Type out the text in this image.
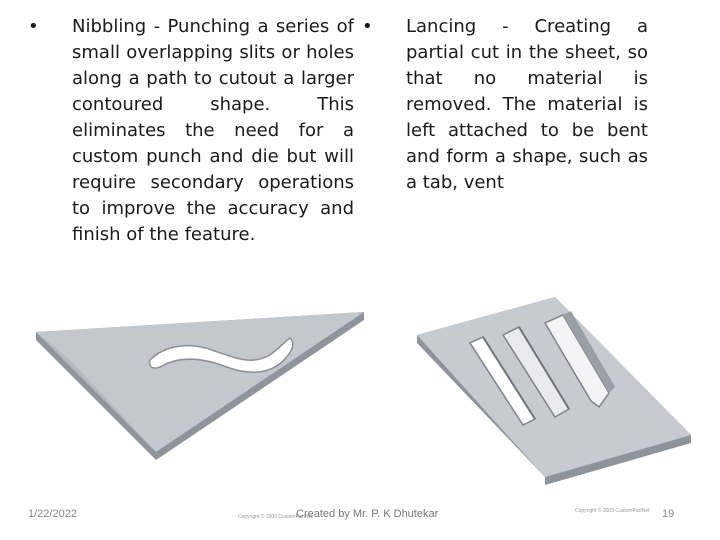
•	Nibbling - Punching a series of small overlapping slits or holes along a path to cutout a larger contoured shape. This eliminates the need for a custom punch and die but will require secondary operations to improve the accuracy and finish of the feature.
•	Lancing - Creating a partial cut in the sheet, so that no material is removed. The material is left attached to be bent and form a shape, such as a tab, vent
Copyright © 2009 CustomPartNet
Copyright © 2009 CustomPartNet
1/22/2022	Created by Mr. P. K Dhutekar	19
